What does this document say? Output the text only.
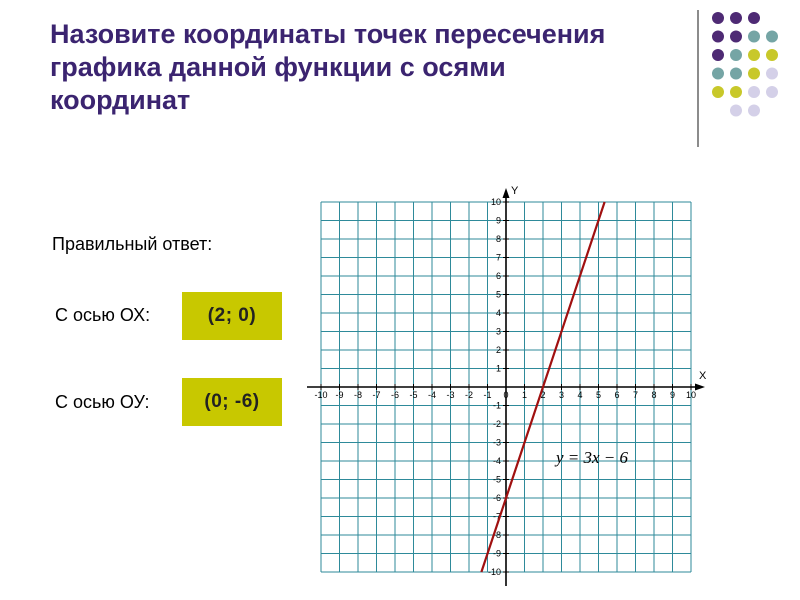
Назовите координаты точек пересечения графика данной функции с осями координат
Правильный ответ:
С осью ОХ:	(2; 0)
С осью ОУ:	(0; -6)
X
Y
-10 -9 -8 -7 -6 -5 -4 -3 -2 -1 0 1 2 3 4 5 6 7 8 9 10
-10
-9
-8
-7
-6
-5
-4
-3
-2
-1
1
2
3
4
5
6
7
8
9
10
y = 3x − 6
